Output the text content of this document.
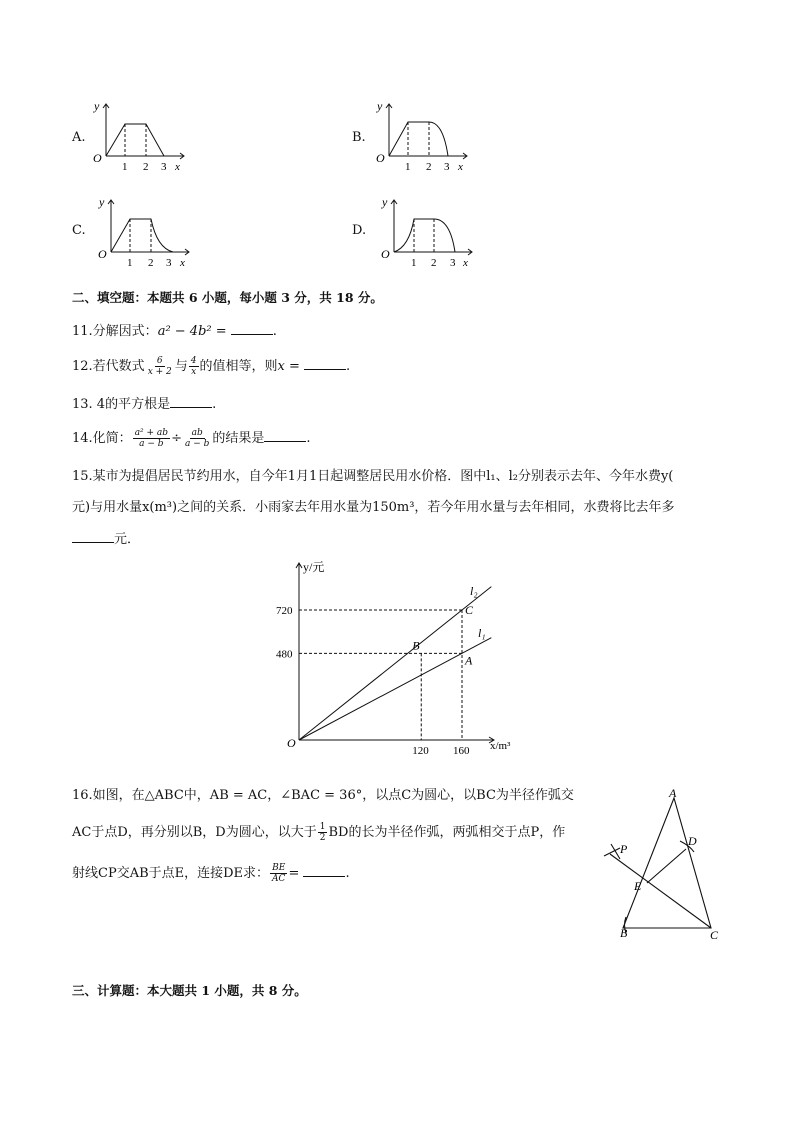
A.	B.
C.	D.
y
O
1 2 3 x
y
O
1 2 3 x
y
O
1 2 3 x
y
O
1 2 3 x
二、填空题：本题共 6 小题，每小题 3 分，共 18 分。
11.分解因式：a² − 4b² =	.
12.若代数式 $\frac{6}{x + 2}$ 与 $\frac{4}{x}$ 的值相等，则x =	.
13. 4的平方根是	.
14.化简： $\frac{\text{a² + ab}}{a - b} \div \frac{ab}{a - b}$ 的结果是	.
15.某市为提倡居民节约用水，自今年1月1日起调整居民用水价格．图中l₁、l₂分别表示去年、今年水费y(
元)与用水量x(m³)之间的关系．小雨家去年用水量为150m³，若今年用水量与去年相同，水费将比去年多
元．
480
720
120 160
A
B
C
y/元
x/m³
O
l₂
l₁
16.如图，在△ABC中，AB = AC，∠BAC = 36°，以点C为圆心，以BC为半径作弧交
AC于点D，再分别以B，D为圆心，以大于 $\frac{1}{2}$ BD的长为半径作弧，两弧相交于点P，作
射线CP交AB于点E，连接DE求： $\frac{BE}{AC}$ =	.
A
B	C
D
E
P
三、计算题：本大题共 1 小题，共 8 分。
